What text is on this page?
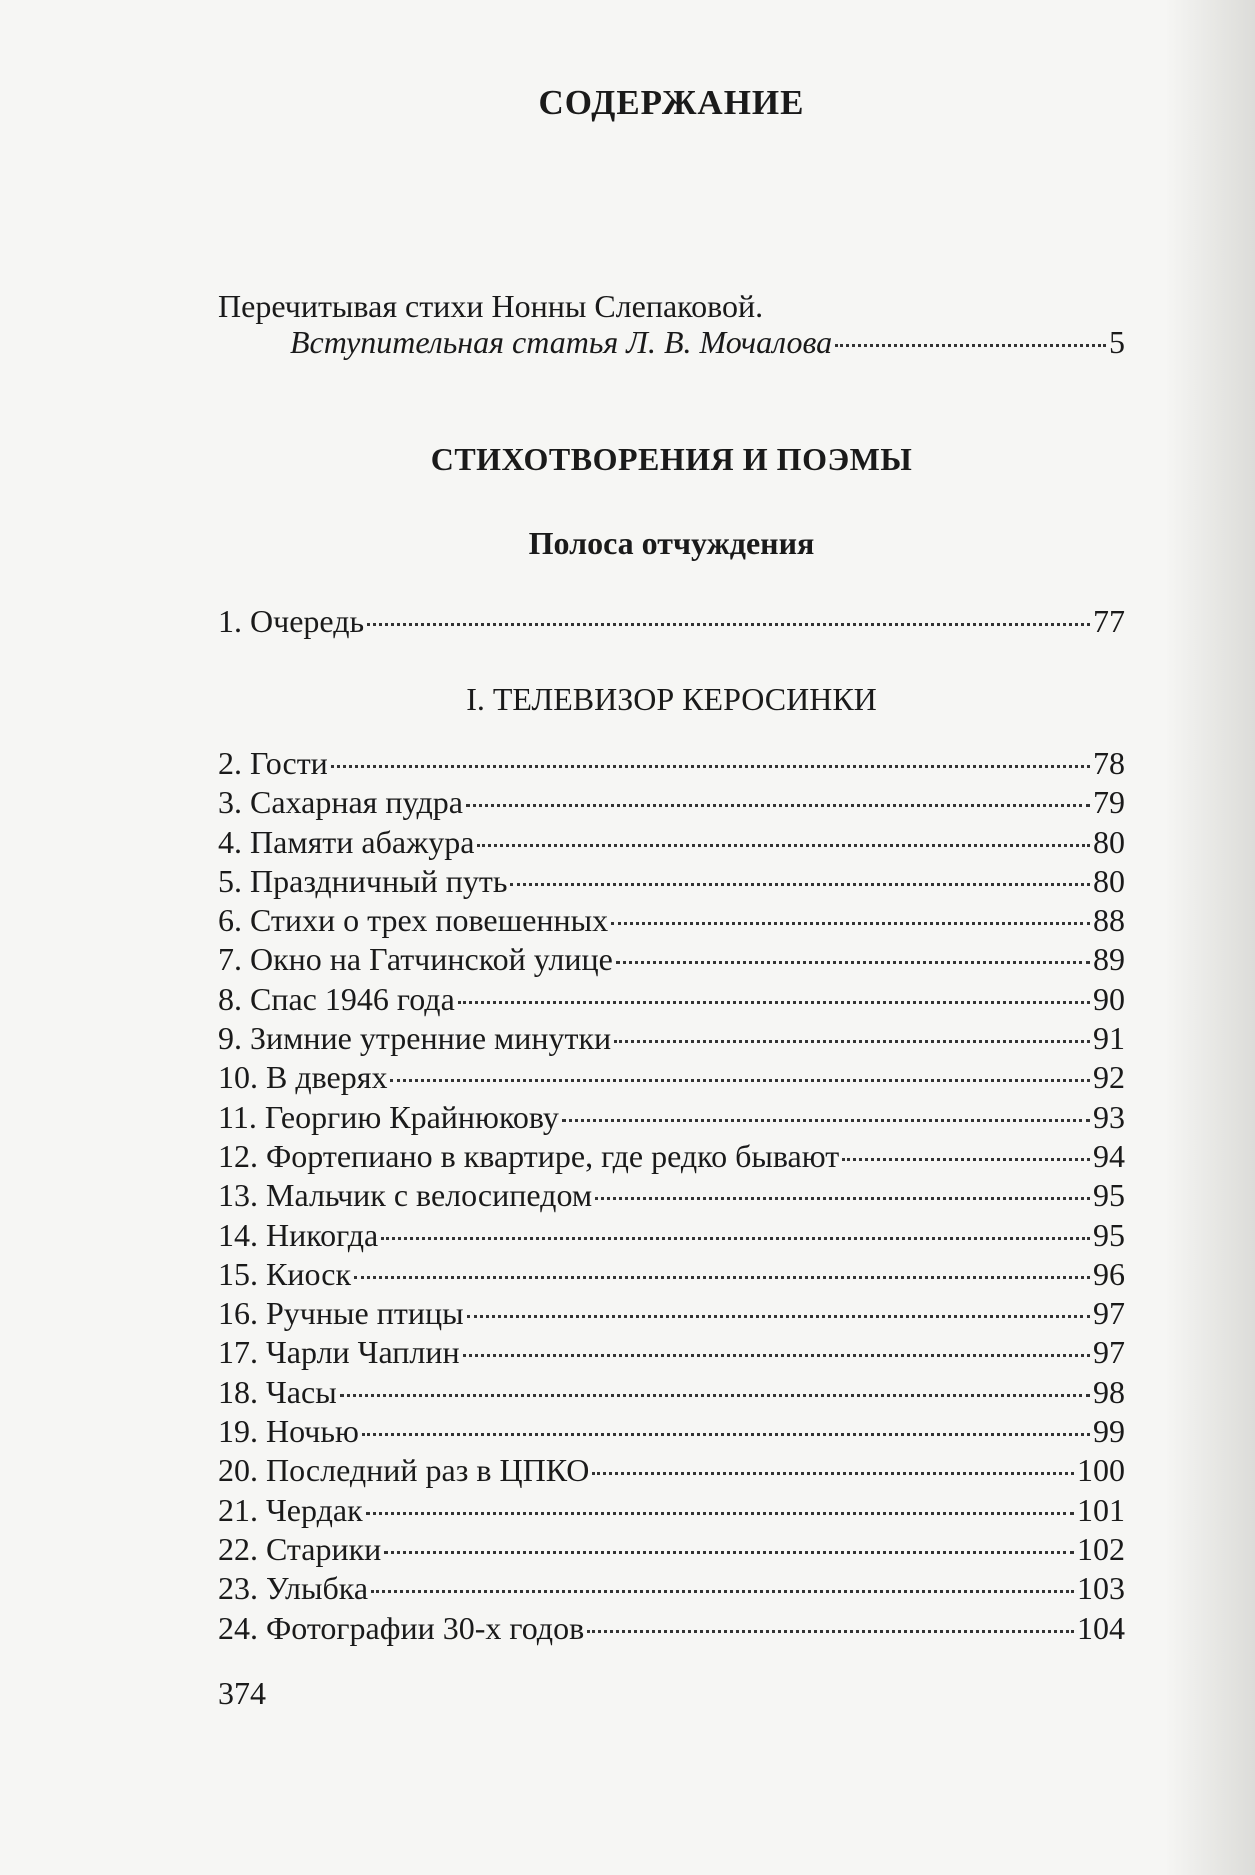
СОДЕРЖАНИЕ
Перечитывая стихи Нонны Слепаковой.
Вступительная статья Л. В. Мочалова	5
СТИХОТВОРЕНИЯ И ПОЭМЫ
Полоса отчуждения
1. Очередь	77
I. ТЕЛЕВИЗОР КЕРОСИНКИ
2. Гости	78
3. Сахарная пудра	79
4. Памяти абажура	80
5. Праздничный путь	80
6. Стихи о трех повешенных	88
7. Окно на Гатчинской улице	89
8. Спас 1946 года	90
9. Зимние утренние минутки	91
10. В дверях	92
11. Георгию Крайнюкову	93
12. Фортепиано в квартире, где редко бывают	94
13. Мальчик с велосипедом	95
14. Никогда	95
15. Киоск	96
16. Ручные птицы	97
17. Чарли Чаплин	97
18. Часы	98
19. Ночью	99
20. Последний раз в ЦПКО	100
21. Чердак	101
22. Старики	102
23. Улыбка	103
24. Фотографии 30-х годов	104
374
